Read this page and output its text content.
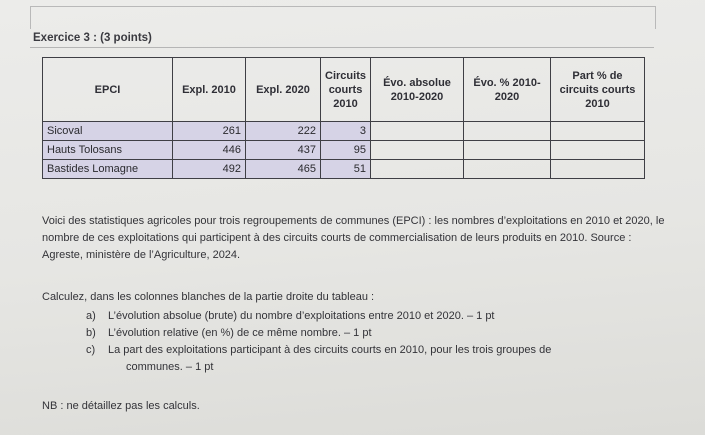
Exercice 3 : (3 points)
EPCI	Expl. 2010	Expl. 2020	Circuits courts 2010	Évo. absolue 2010-2020	Évo. % 2010-2020	Part % de circuits courts 2010
Sicoval	261	222	3			
Hauts Tolosans	446	437	95			
Bastides Lomagne	492	465	51			
Voici des statistiques agricoles pour trois regroupements de communes (EPCI) : les nombres d’exploitations en 2010 et 2020, le nombre de ces exploitations qui participent à des circuits courts de commercialisation de leurs produits en 2010. Source : Agreste, ministère de l’Agriculture, 2024.
Calculez, dans les colonnes blanches de la partie droite du tableau :
a)	L’évolution absolue (brute) du nombre d’exploitations entre 2010 et 2020. – 1 pt
b)	L’évolution relative (en %) de ce même nombre. – 1 pt
c)	La part des exploitations participant à des circuits courts en 2010, pour les trois groupes de
communes. – 1 pt
NB : ne détaillez pas les calculs.
